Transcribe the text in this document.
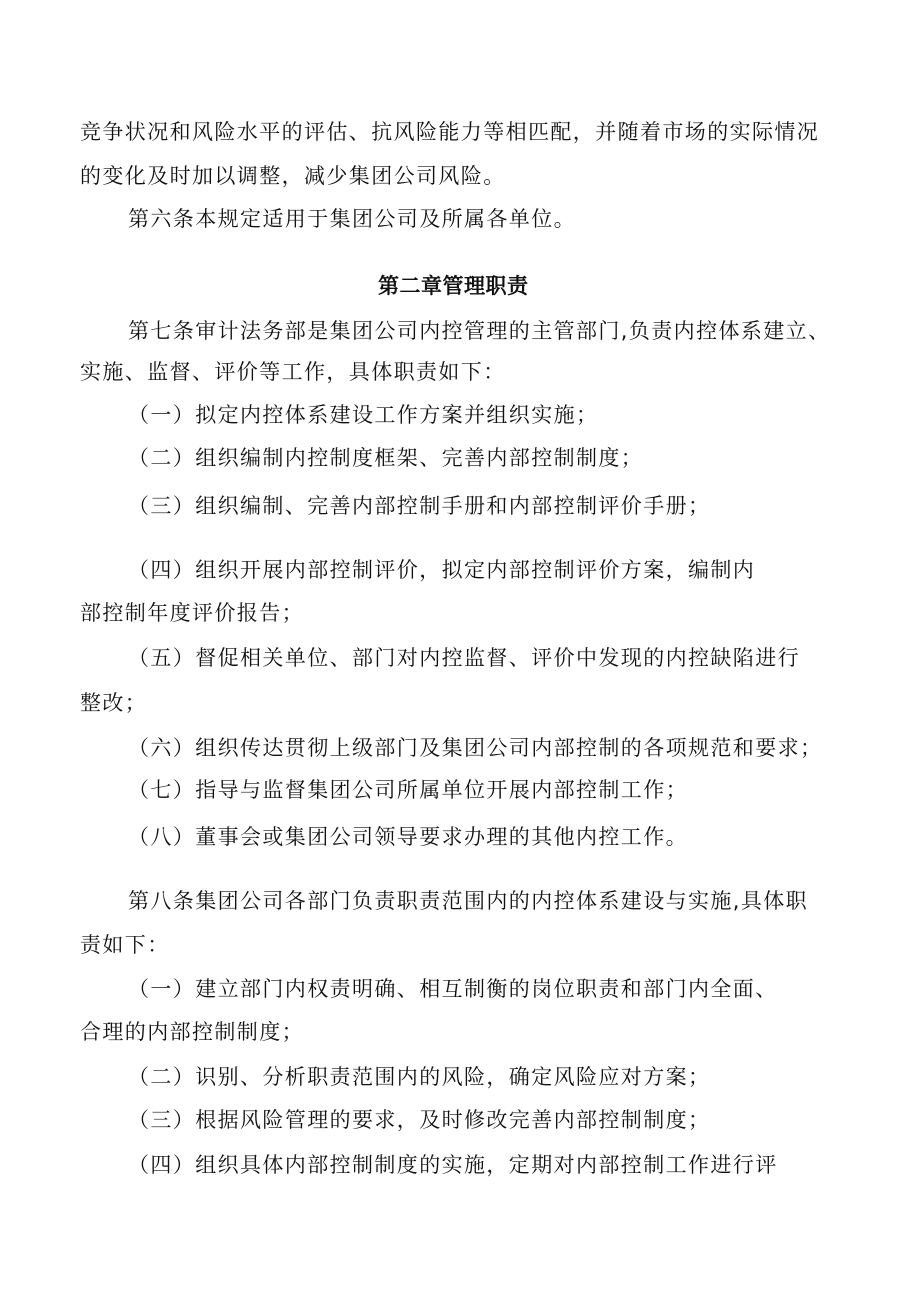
竞争状况和风险水平的评估、抗风险能力等相匹配，并随着市场的实际情况

的变化及时加以调整，减少集团公司风险。

第六条本规定适用于集团公司及所属各单位。

第二章管理职责

第七条审计法务部是集团公司内控管理的主管部门,负责内控体系建立、

实施、监督、评价等工作，具体职责如下：

（一）拟定内控体系建设工作方案并组织实施；

（二）组织编制内控制度框架、完善内部控制制度；

（三）组织编制、完善内部控制手册和内部控制评价手册；

（四）组织开展内部控制评价，拟定内部控制评价方案，编制内

部控制年度评价报告；

（五）督促相关单位、部门对内控监督、评价中发现的内控缺陷进行

整改；

（六）组织传达贯彻上级部门及集团公司内部控制的各项规范和要求；

（七）指导与监督集团公司所属单位开展内部控制工作；

（八）董事会或集团公司领导要求办理的其他内控工作。

第八条集团公司各部门负责职责范围内的内控体系建设与实施,具体职

责如下：

（一）建立部门内权责明确、相互制衡的岗位职责和部门内全面、

合理的内部控制制度；

（二）识别、分析职责范围内的风险，确定风险应对方案；

（三）根据风险管理的要求，及时修改完善内部控制制度；

（四）组织具体内部控制制度的实施，定期对内部控制工作进行评
